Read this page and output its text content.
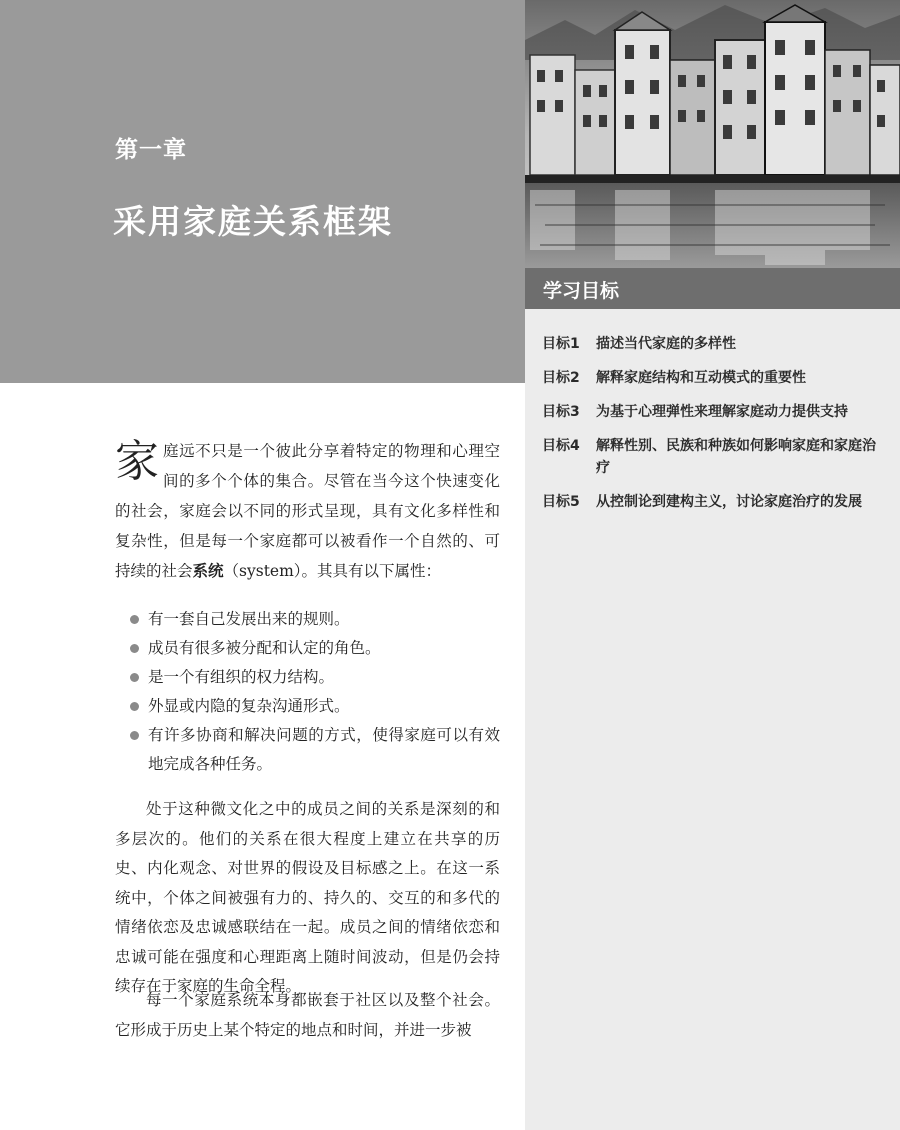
第一章
采用家庭关系框架
学习目标
目标1	描述当代家庭的多样性
目标2	解释家庭结构和互动模式的重要性
目标3	为基于心理弹性来理解家庭动力提供支持
目标4	解释性别、民族和种族如何影响家庭和家庭治疗
目标5	从控制论到建构主义，讨论家庭治疗的发展
家庭远不只是一个彼此分享着特定的物理和心理空间的多个个体的集合。尽管在当今这个快速变化的社会，家庭会以不同的形式呈现，具有文化多样性和复杂性，但是每一个家庭都可以被看作一个自然的、可持续的社会系统（system）。其具有以下属性：
有一套自己发展出来的规则。
成员有很多被分配和认定的角色。
是一个有组织的权力结构。
外显或内隐的复杂沟通形式。
有许多协商和解决问题的方式，使得家庭可以有效地完成各种任务。
处于这种微文化之中的成员之间的关系是深刻的和多层次的。他们的关系在很大程度上建立在共享的历史、内化观念、对世界的假设及目标感之上。在这一系统中，个体之间被强有力的、持久的、交互的和多代的情绪依恋及忠诚感联结在一起。成员之间的情绪依恋和忠诚可能在强度和心理距离上随时间波动，但是仍会持续存在于家庭的生命全程。
每一个家庭系统本身都嵌套于社区以及整个社会。它形成于历史上某个特定的地点和时间，并进一步被
